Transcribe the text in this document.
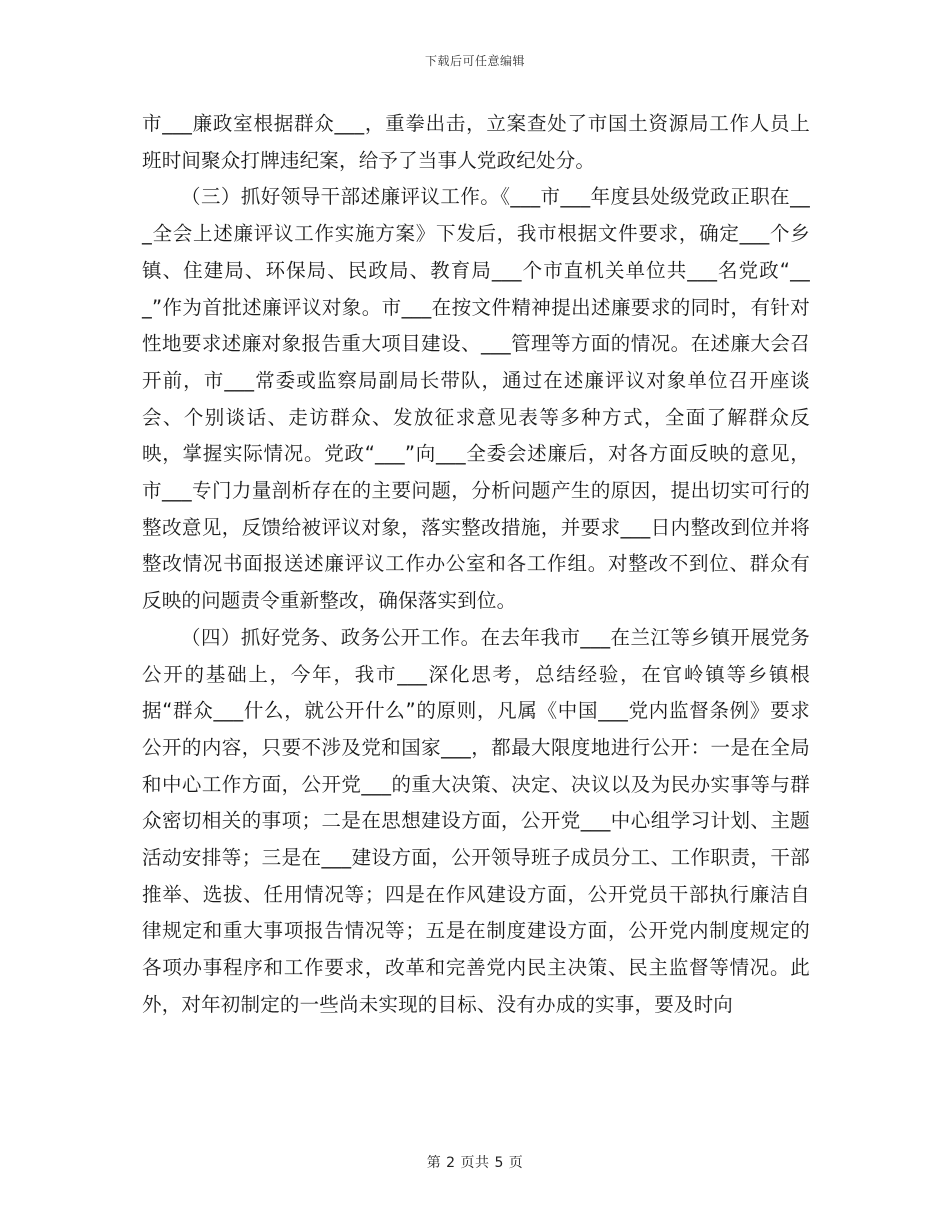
下载后可任意编辑

市___廉政室根据群众___，重拳出击，立案查处了市国土资源局工作人员上班时间聚众打牌违纪案，给予了当事人党政纪处分。

（三）抓好领导干部述廉评议工作。《___市___年度县处级党政正职在___全会上述廉评议工作实施方案》下发后，我市根据文件要求，确定___个乡镇、住建局、环保局、民政局、教育局___个市直机关单位共___名党政“___”作为首批述廉评议对象。市___在按文件精神提出述廉要求的同时，有针对性地要求述廉对象报告重大项目建设、___管理等方面的情况。在述廉大会召开前，市___常委或监察局副局长带队，通过在述廉评议对象单位召开座谈会、个别谈话、走访群众、发放征求意见表等多种方式，全面了解群众反映，掌握实际情况。党政“___”向___全委会述廉后，对各方面反映的意见，市___专门力量剖析存在的主要问题，分析问题产生的原因，提出切实可行的整改意见，反馈给被评议对象，落实整改措施，并要求___日内整改到位并将整改情况书面报送述廉评议工作办公室和各工作组。对整改不到位、群众有反映的问题责令重新整改，确保落实到位。

（四）抓好党务、政务公开工作。在去年我市___在兰江等乡镇开展党务公开的基础上，今年，我市___深化思考，总结经验，在官岭镇等乡镇根据“群众___什么，就公开什么”的原则，凡属《中国___党内监督条例》要求公开的内容，只要不涉及党和国家___，都最大限度地进行公开：一是在全局和中心工作方面，公开党___的重大决策、决定、决议以及为民办实事等与群众密切相关的事项；二是在思想建设方面，公开党___中心组学习计划、主题活动安排等；三是在___建设方面，公开领导班子成员分工、工作职责，干部推举、选拔、任用情况等；四是在作风建设方面，公开党员干部执行廉洁自律规定和重大事项报告情况等；五是在制度建设方面，公开党内制度规定的各项办事程序和工作要求，改革和完善党内民主决策、民主监督等情况。此外，对年初制定的一些尚未实现的目标、没有办成的实事，要及时向

第 2 页共 5 页
